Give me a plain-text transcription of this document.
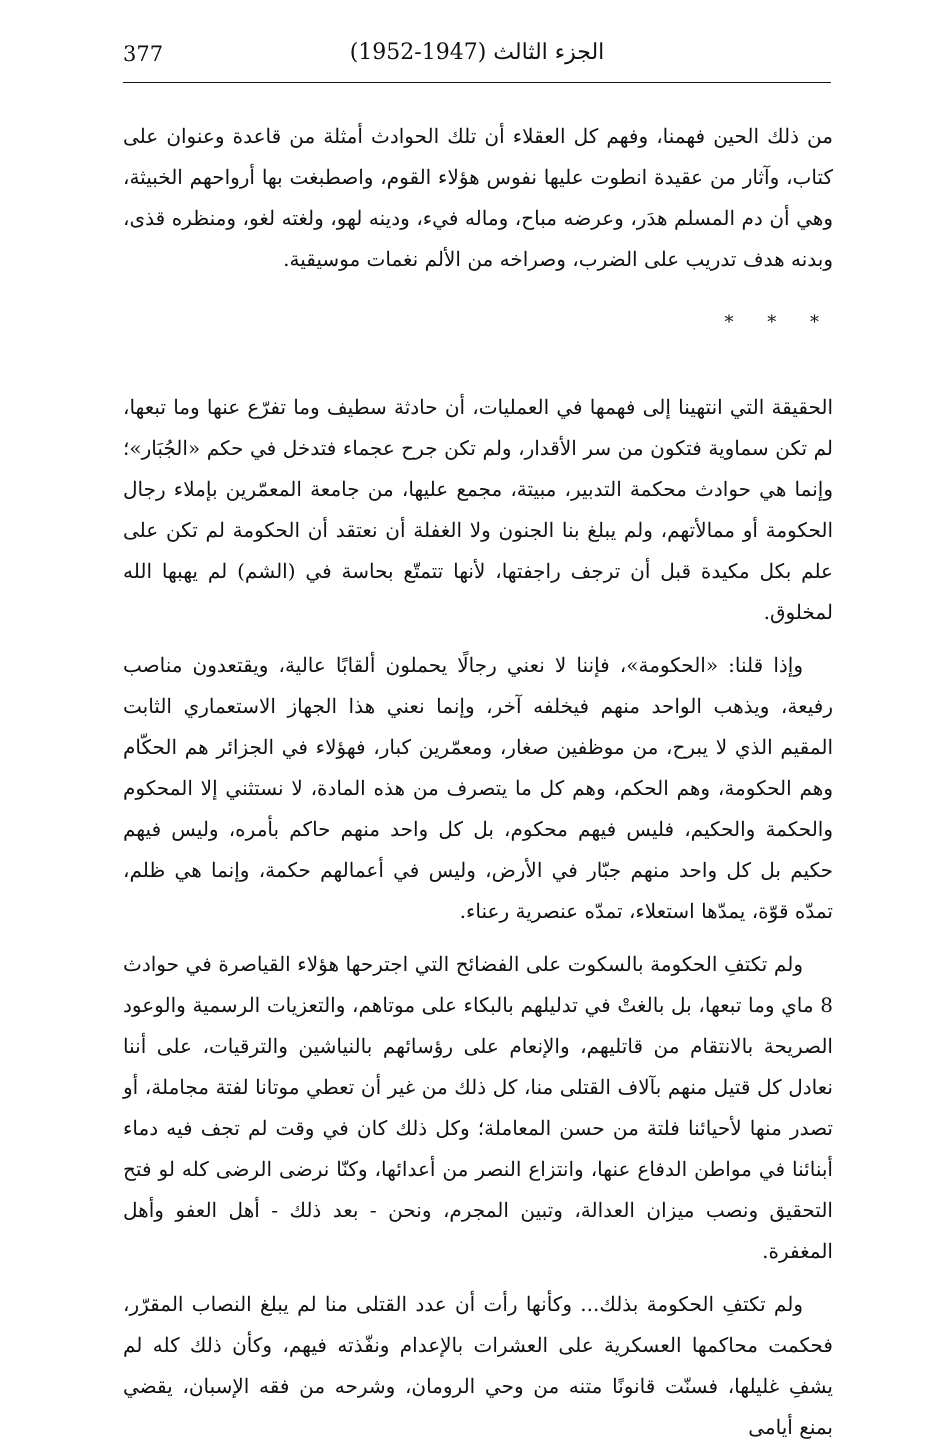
377	الجزء الثالث (1947-1952)

من ذلك الحين فهمنا، وفهم كل العقلاء أن تلك الحوادث أمثلة من قاعدة وعنوان على كتاب، وآثار من عقيدة انطوت عليها نفوس هؤلاء القوم، واصطبغت بها أرواحهم الخبيثة، وهي أن دم المسلم هدَر، وعرضه مباح، وماله فيء، ودينه لهو، ولغته لغو، ومنظره قذى، وبدنه هدف تدريب على الضرب، وصراخه من الألم نغمات موسيقية.

* * *

الحقيقة التي انتهينا إلى فهمها في العمليات، أن حادثة سطيف وما تفرّع عنها وما تبعها، لم تكن سماوية فتكون من سر الأقدار، ولم تكن جرح عجماء فتدخل في حكم «الجُبَار»؛ وإنما هي حوادث محكمة التدبير، مبيتة، مجمع عليها، من جامعة المعمّرين بإملاء رجال الحكومة أو ممالأتهم، ولم يبلغ بنا الجنون ولا الغفلة أن نعتقد أن الحكومة لم تكن على علم بكل مكيدة قبل أن ترجف راجفتها، لأنها تتمتّع بحاسة في (الشم) لم يهبها الله لمخلوق.

وإذا قلنا: «الحكومة»، فإننا لا نعني رجالًا يحملون ألقابًا عالية، ويقتعدون مناصب رفيعة، ويذهب الواحد منهم فيخلفه آخر، وإنما نعني هذا الجهاز الاستعماري الثابت المقيم الذي لا يبرح، من موظفين صغار، ومعمّرين كبار، فهؤلاء في الجزائر هم الحكّام وهم الحكومة، وهم الحكم، وهم كل ما يتصرف من هذه المادة، لا نستثني إلا المحكوم والحكمة والحكيم، فليس فيهم محكوم، بل كل واحد منهم حاكم بأمره، وليس فيهم حكيم بل كل واحد منهم جبّار في الأرض، وليس في أعمالهم حكمة، وإنما هي ظلم، تمدّه قوّة، يمدّها استعلاء، تمدّه عنصرية رعناء.

ولم تكتفِ الحكومة بالسكوت على الفضائح التي اجترحها هؤلاء القياصرة في حوادث 8 ماي وما تبعها، بل بالغتْ في تدليلهم بالبكاء على موتاهم، والتعزيات الرسمية والوعود الصريحة بالانتقام من قاتليهم، والإنعام على رؤسائهم بالنياشين والترقيات، على أننا نعادل كل قتيل منهم بآلاف القتلى منا، كل ذلك من غير أن تعطي موتانا لفتة مجاملة، أو تصدر منها لأحيائنا فلتة من حسن المعاملة؛ وكل ذلك كان في وقت لم تجف فيه دماء أبنائنا في مواطن الدفاع عنها، وانتزاع النصر من أعدائها، وكنّا نرضى الرضى كله لو فتح التحقيق ونصب ميزان العدالة، وتبين المجرم، ونحن - بعد ذلك - أهل العفو وأهل المغفرة.

ولم تكتفِ الحكومة بذلك... وكأنها رأت أن عدد القتلى منا لم يبلغ النصاب المقرّر، فحكمت محاكمها العسكرية على العشرات بالإعدام ونفّذته فيهم، وكأن ذلك كله لم يشفِ غليلها، فسنّت قانونًا متنه من وحي الرومان، وشرحه من فقه الإسبان، يقضي بمنع أيامى
